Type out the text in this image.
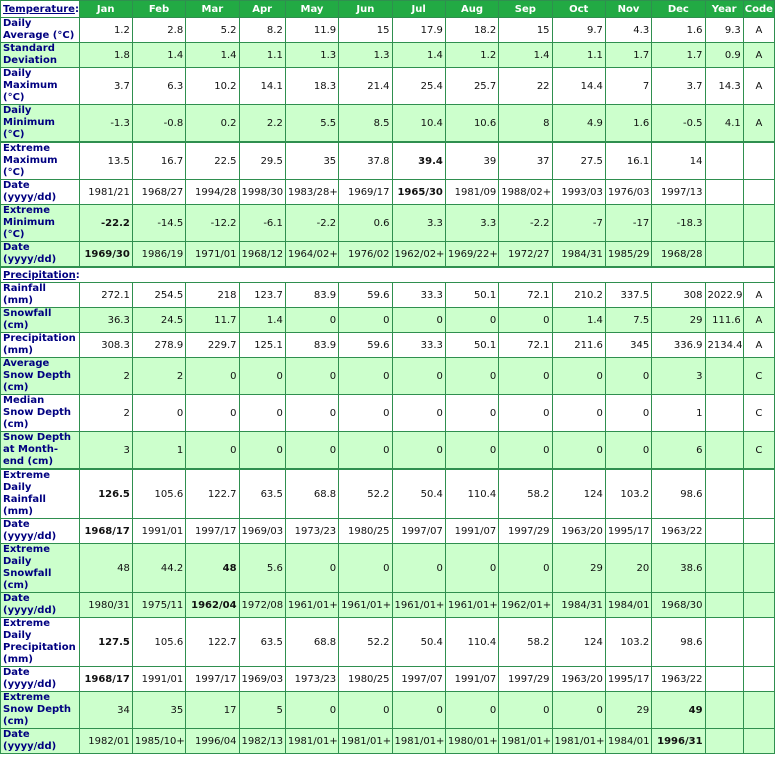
Temperature:	Jan	Feb	Mar	Apr	May	Jun	Jul	Aug	Sep	Oct	Nov	Dec	Year	Code
Daily Average (°C)	1.2	2.8	5.2	8.2	11.9	15	17.9	18.2	15	9.7	4.3	1.6	9.3	A
Standard Deviation	1.8	1.4	1.4	1.1	1.3	1.3	1.4	1.2	1.4	1.1	1.7	1.7	0.9	A
Daily Maximum (°C)	3.7	6.3	10.2	14.1	18.3	21.4	25.4	25.7	22	14.4	7	3.7	14.3	A
Daily Minimum (°C)	-1.3	-0.8	0.2	2.2	5.5	8.5	10.4	10.6	8	4.9	1.6	-0.5	4.1	A
Extreme Maximum (°C)	13.5	16.7	22.5	29.5	35	37.8	39.4	39	37	27.5	16.1	14		
Date (yyyy/dd)	1981/21	1968/27	1994/28	1998/30	1983/28+	1969/17	1965/30	1981/09	1988/02+	1993/03	1976/03	1997/13		
Extreme Minimum (°C)	-22.2	-14.5	-12.2	-6.1	-2.2	0.6	3.3	3.3	-2.2	-7	-17	-18.3		
Date (yyyy/dd)	1969/30	1986/19	1971/01	1968/12	1964/02+	1976/02	1962/02+	1969/22+	1972/27	1984/31	1985/29	1968/28		
Precipitation:														
Rainfall (mm)	272.1	254.5	218	123.7	83.9	59.6	33.3	50.1	72.1	210.2	337.5	308	2022.9	A
Snowfall (cm)	36.3	24.5	11.7	1.4	0	0	0	0	0	1.4	7.5	29	111.6	A
Precipitation (mm)	308.3	278.9	229.7	125.1	83.9	59.6	33.3	50.1	72.1	211.6	345	336.9	2134.4	A
Average Snow Depth (cm)	2	2	0	0	0	0	0	0	0	0	0	3		C
Median Snow Depth (cm)	2	0	0	0	0	0	0	0	0	0	0	1		C
Snow Depth at Month-end (cm)	3	1	0	0	0	0	0	0	0	0	0	6		C
Extreme Daily Rainfall (mm)	126.5	105.6	122.7	63.5	68.8	52.2	50.4	110.4	58.2	124	103.2	98.6		
Date (yyyy/dd)	1968/17	1991/01	1997/17	1969/03	1973/23	1980/25	1997/07	1991/07	1997/29	1963/20	1995/17	1963/22		
Extreme Daily Snowfall (cm)	48	44.2	48	5.6	0	0	0	0	0	29	20	38.6		
Date (yyyy/dd)	1980/31	1975/11	1962/04	1972/08	1961/01+	1961/01+	1961/01+	1961/01+	1962/01+	1984/31	1984/01	1968/30		
Extreme Daily Precipitation (mm)	127.5	105.6	122.7	63.5	68.8	52.2	50.4	110.4	58.2	124	103.2	98.6		
Date (yyyy/dd)	1968/17	1991/01	1997/17	1969/03	1973/23	1980/25	1997/07	1991/07	1997/29	1963/20	1995/17	1963/22		
Extreme Snow Depth (cm)	34	35	17	5	0	0	0	0	0	0	29	49		
Date (yyyy/dd)	1982/01	1985/10+	1996/04	1982/13	1981/01+	1981/01+	1981/01+	1980/01+	1981/01+	1981/01+	1984/01	1996/31		
